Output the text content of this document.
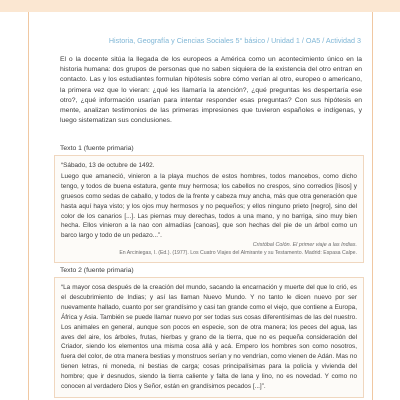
Historia, Geografía y Ciencias Sociales 5° básico / Unidad 1 / OA5 / Actividad 3

El o la docente sitúa la llegada de los europeos a América como un acontecimiento único en la historia humana: dos grupos de personas que no saben siquiera de la existencia del otro entran en contacto. Las y los estudiantes formulan hipótesis sobre cómo verían al otro, europeo o americano, la primera vez que lo vieran: ¿qué les llamaría la atención?, ¿qué preguntas les despertaría ese otro?, ¿qué información usarían para intentar responder esas preguntas? Con sus hipótesis en mente, analizan testimonios de las primeras impresiones que tuvieron españoles e indígenas, y luego sistematizan sus conclusiones.

Texto 1 (fuente primaria)

“Sábado, 13 de octubre de 1492.

Luego que amaneció, vinieron a la playa muchos de estos hombres, todos mancebos, como dicho tengo, y todos de buena estatura, gente muy hermosa; los cabellos no crespos, sino corredios [lisos] y gruesos como sedas de caballo, y todos de la frente y cabeza muy ancha, más que otra generación que hasta aquí haya visto; y los ojos muy hermosos y no pequeños; y ellos ninguno prieto [negro], sino del color de los canarios [...]. Las piernas muy derechas, todos a una mano, y no barriga, sino muy bien hecha. Ellos vinieron a la nao con almadías [canoas], que son hechas del pie de un árbol como un barco largo y todo de un pedazo...”.

Cristóbal Colón. El primer viaje a las Indias.

En Arciniegas, I. (Ed.). (1977). Los Cuatro Viajes del Almirante y su Testamento. Madrid: Espasa Calpe.

Texto 2 (fuente primaria)

“La mayor cosa después de la creación del mundo, sacando la encarnación y muerte del que lo crió, es el descubrimiento de Indias; y así las llaman Nuevo Mundo. Y no tanto le dicen nuevo por ser nuevamente hallado, cuanto por ser grandísimo y casi tan grande como el viejo, que contiene a Europa, África y Asia. También se puede llamar nuevo por ser todas sus cosas diferentísimas de las del nuestro. Los animales en general, aunque son pocos en especie, son de otra manera; los peces del agua, las aves del aire, los árboles, frutas, hierbas y grano de la tierra, que no es pequeña consideración del Criador, siendo los elementos una misma cosa allá y acá. Empero los hombres son como nosotros, fuera del color, de otra manera bestias y monstruos serían y no vendrían, como vienen de Adán. Mas no tienen letras, ni moneda, ni bestias de carga; cosas principalísimas para la policía y vivienda del hombre; que ir desnudos, siendo la tierra caliente y falta de lana y lino, no es novedad. Y como no conocen al verdadero Dios y Señor, están en grandísimos pecados [...]”.
